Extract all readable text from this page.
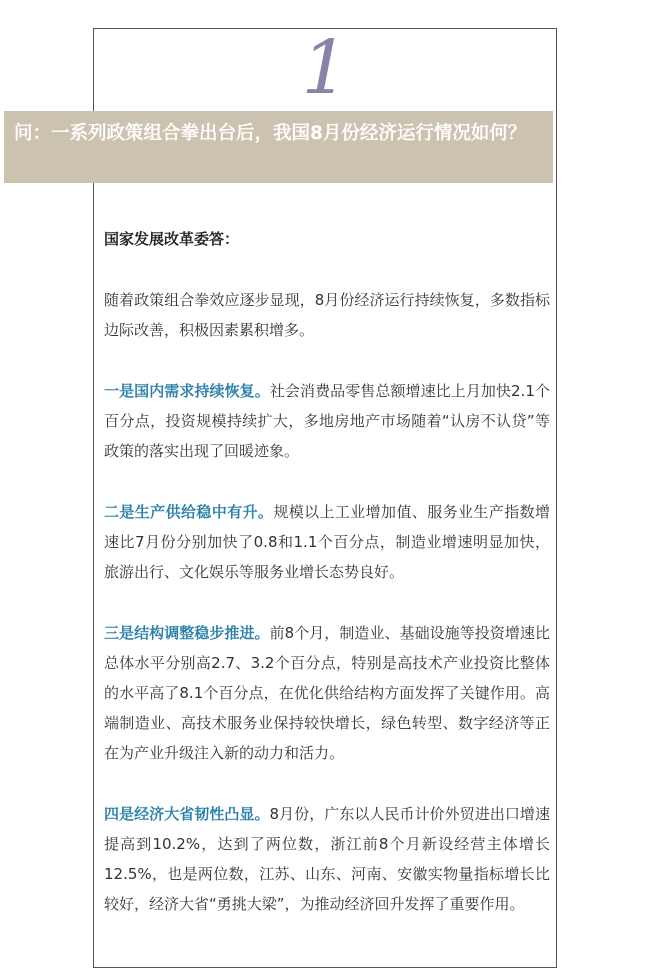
1
问：一系列政策组合拳出台后，我国8月份经济运行情况如何？

国家发展改革委答：

随着政策组合拳效应逐步显现，8月份经济运行持续恢复，多数指标边际改善，积极因素累积增多。

一是国内需求持续恢复。社会消费品零售总额增速比上月加快2.1个百分点，投资规模持续扩大，多地房地产市场随着“认房不认贷”等政策的落实出现了回暖迹象。

二是生产供给稳中有升。规模以上工业增加值、服务业生产指数增速比7月份分别加快了0.8和1.1个百分点，制造业增速明显加快，旅游出行、文化娱乐等服务业增长态势良好。

三是结构调整稳步推进。前8个月，制造业、基础设施等投资增速比总体水平分别高2.7、3.2个百分点，特别是高技术产业投资比整体的水平高了8.1个百分点，在优化供给结构方面发挥了关键作用。高端制造业、高技术服务业保持较快增长，绿色转型、数字经济等正在为产业升级注入新的动力和活力。

四是经济大省韧性凸显。8月份，广东以人民币计价外贸进出口增速提高到10.2%，达到了两位数，浙江前8个月新设经营主体增长12.5%，也是两位数，江苏、山东、河南、安徽实物量指标增长比较好，经济大省“勇挑大梁”，为推动经济回升发挥了重要作用。
